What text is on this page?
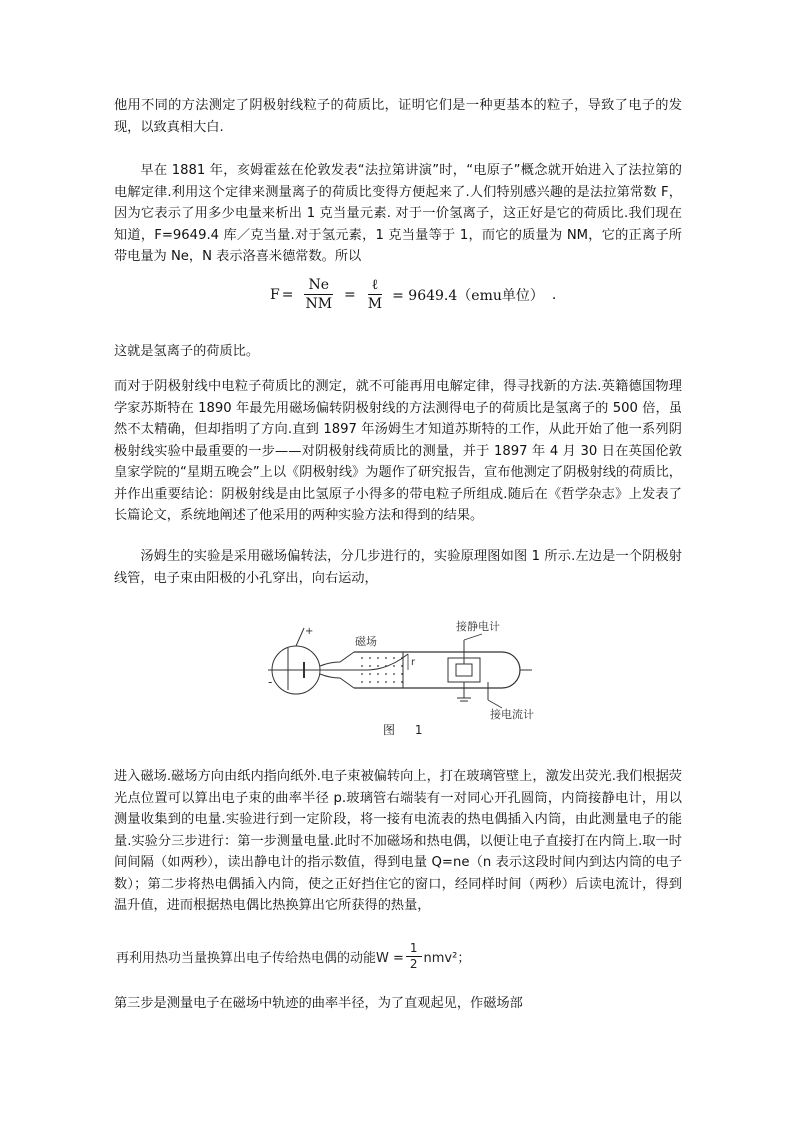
他用不同的方法测定了阴极射线粒子的荷质比，证明它们是一种更基本的粒子，导致了电子的发现，以致真相大白.

早在 1881 年，亥姆霍兹在伦敦发表“法拉第讲演”时，“电原子”概念就开始进入了法拉第的电解定律.利用这个定律来测量离子的荷质比变得方便起来了.人们特别感兴趣的是法拉第常数 F，因为它表示了用多少电量来析出 1 克当量元素. 对于一价氢离子，这正好是它的荷质比.我们现在知道，F=9649.4 库／克当量.对于氢元素，1 克当量等于 1，而它的质量为 NM，它的正离子所带电量为 Ne，N 表示洛喜米德常数。所以

$F = \frac{Ne}{NM} = \frac{\text{ℓ}}{M} = 9649.4(emu$单位） .

这就是氢离子的荷质比。

而对于阴极射线中电粒子荷质比的测定，就不可能再用电解定律，得寻找新的方法.英籍德国物理学家苏斯特在 1890 年最先用磁场偏转阴极射线的方法测得电子的荷质比是氢离子的 500 倍，虽然不太精确，但却指明了方向.直到 1897 年汤姆生才知道苏斯特的工作，从此开始了他一系列阴极射线实验中最重要的一步——对阴极射线荷质比的测量，并于 1897 年 4 月 30 日在英国伦敦皇家学院的“星期五晚会”上以《阴极射线》为题作了研究报告，宣布他测定了阴极射线的荷质比，并作出重要结论：阴极射线是由比氢原子小得多的带电粒子所组成.随后在《哲学杂志》上发表了长篇论文，系统地阐述了他采用的两种实验方法和得到的结果。

汤姆生的实验是采用磁场偏转法，分几步进行的，实验原理图如图 1 所示.左边是一个阴极射线管，电子束由阳极的小孔穿出，向右运动，

+
-
磁场
r
接静电计
接电流计
图 1

进入磁场.磁场方向由纸内指向纸外.电子束被偏转向上，打在玻璃管壁上，激发出荧光.我们根据荧光点位置可以算出电子束的曲率半径 p.玻璃管右端装有一对同心开孔圆筒，内筒接静电计，用以测量收集到的电量.实验进行到一定阶段，将一接有电流表的热电偶插入内筒，由此测量电子的能量.实验分三步进行：第一步测量电量.此时不加磁场和热电偶，以便让电子直接打在内筒上.取一时间间隔（如两秒），读出静电计的指示数值，得到电量 Q=ne（n 表示这段时间内到达内筒的电子数）；第二步将热电偶插入内筒，使之正好挡住它的窗口，经同样时间（两秒）后读电流计，得到温升值，进而根据热电偶比热换算出它所获得的热量，

再利用热功当量换算出电子传给热电偶的动能$W = \frac{1}{2} nmv^2$；

第三步是测量电子在磁场中轨迹的曲率半径，为了直观起见，作磁场部
